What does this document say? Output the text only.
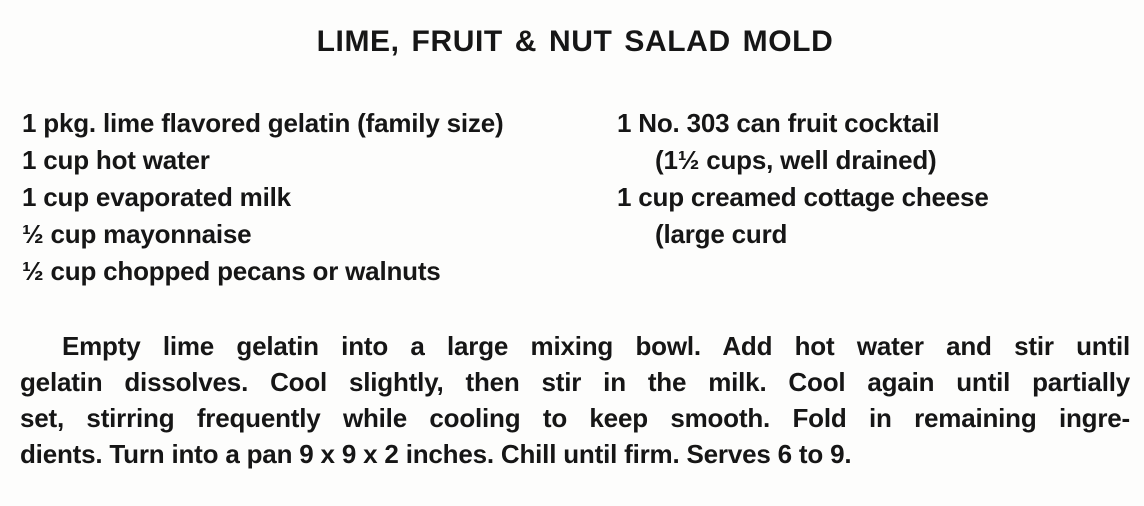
LIME, FRUIT & NUT SALAD MOLD
1 pkg. lime flavored gelatin (family size)
1 cup hot water
1 cup evaporated milk
½ cup mayonnaise
½ cup chopped pecans or walnuts
1 No. 303 can fruit cocktail
(1½ cups, well drained)
1 cup creamed cottage cheese
(large curd
Empty lime gelatin into a large mixing bowl. Add hot water and stir until
gelatin dissolves. Cool slightly, then stir in the milk. Cool again until partially
set, stirring frequently while cooling to keep smooth. Fold in remaining ingre-
dients. Turn into a pan 9 x 9 x 2 inches. Chill until firm. Serves 6 to 9.
